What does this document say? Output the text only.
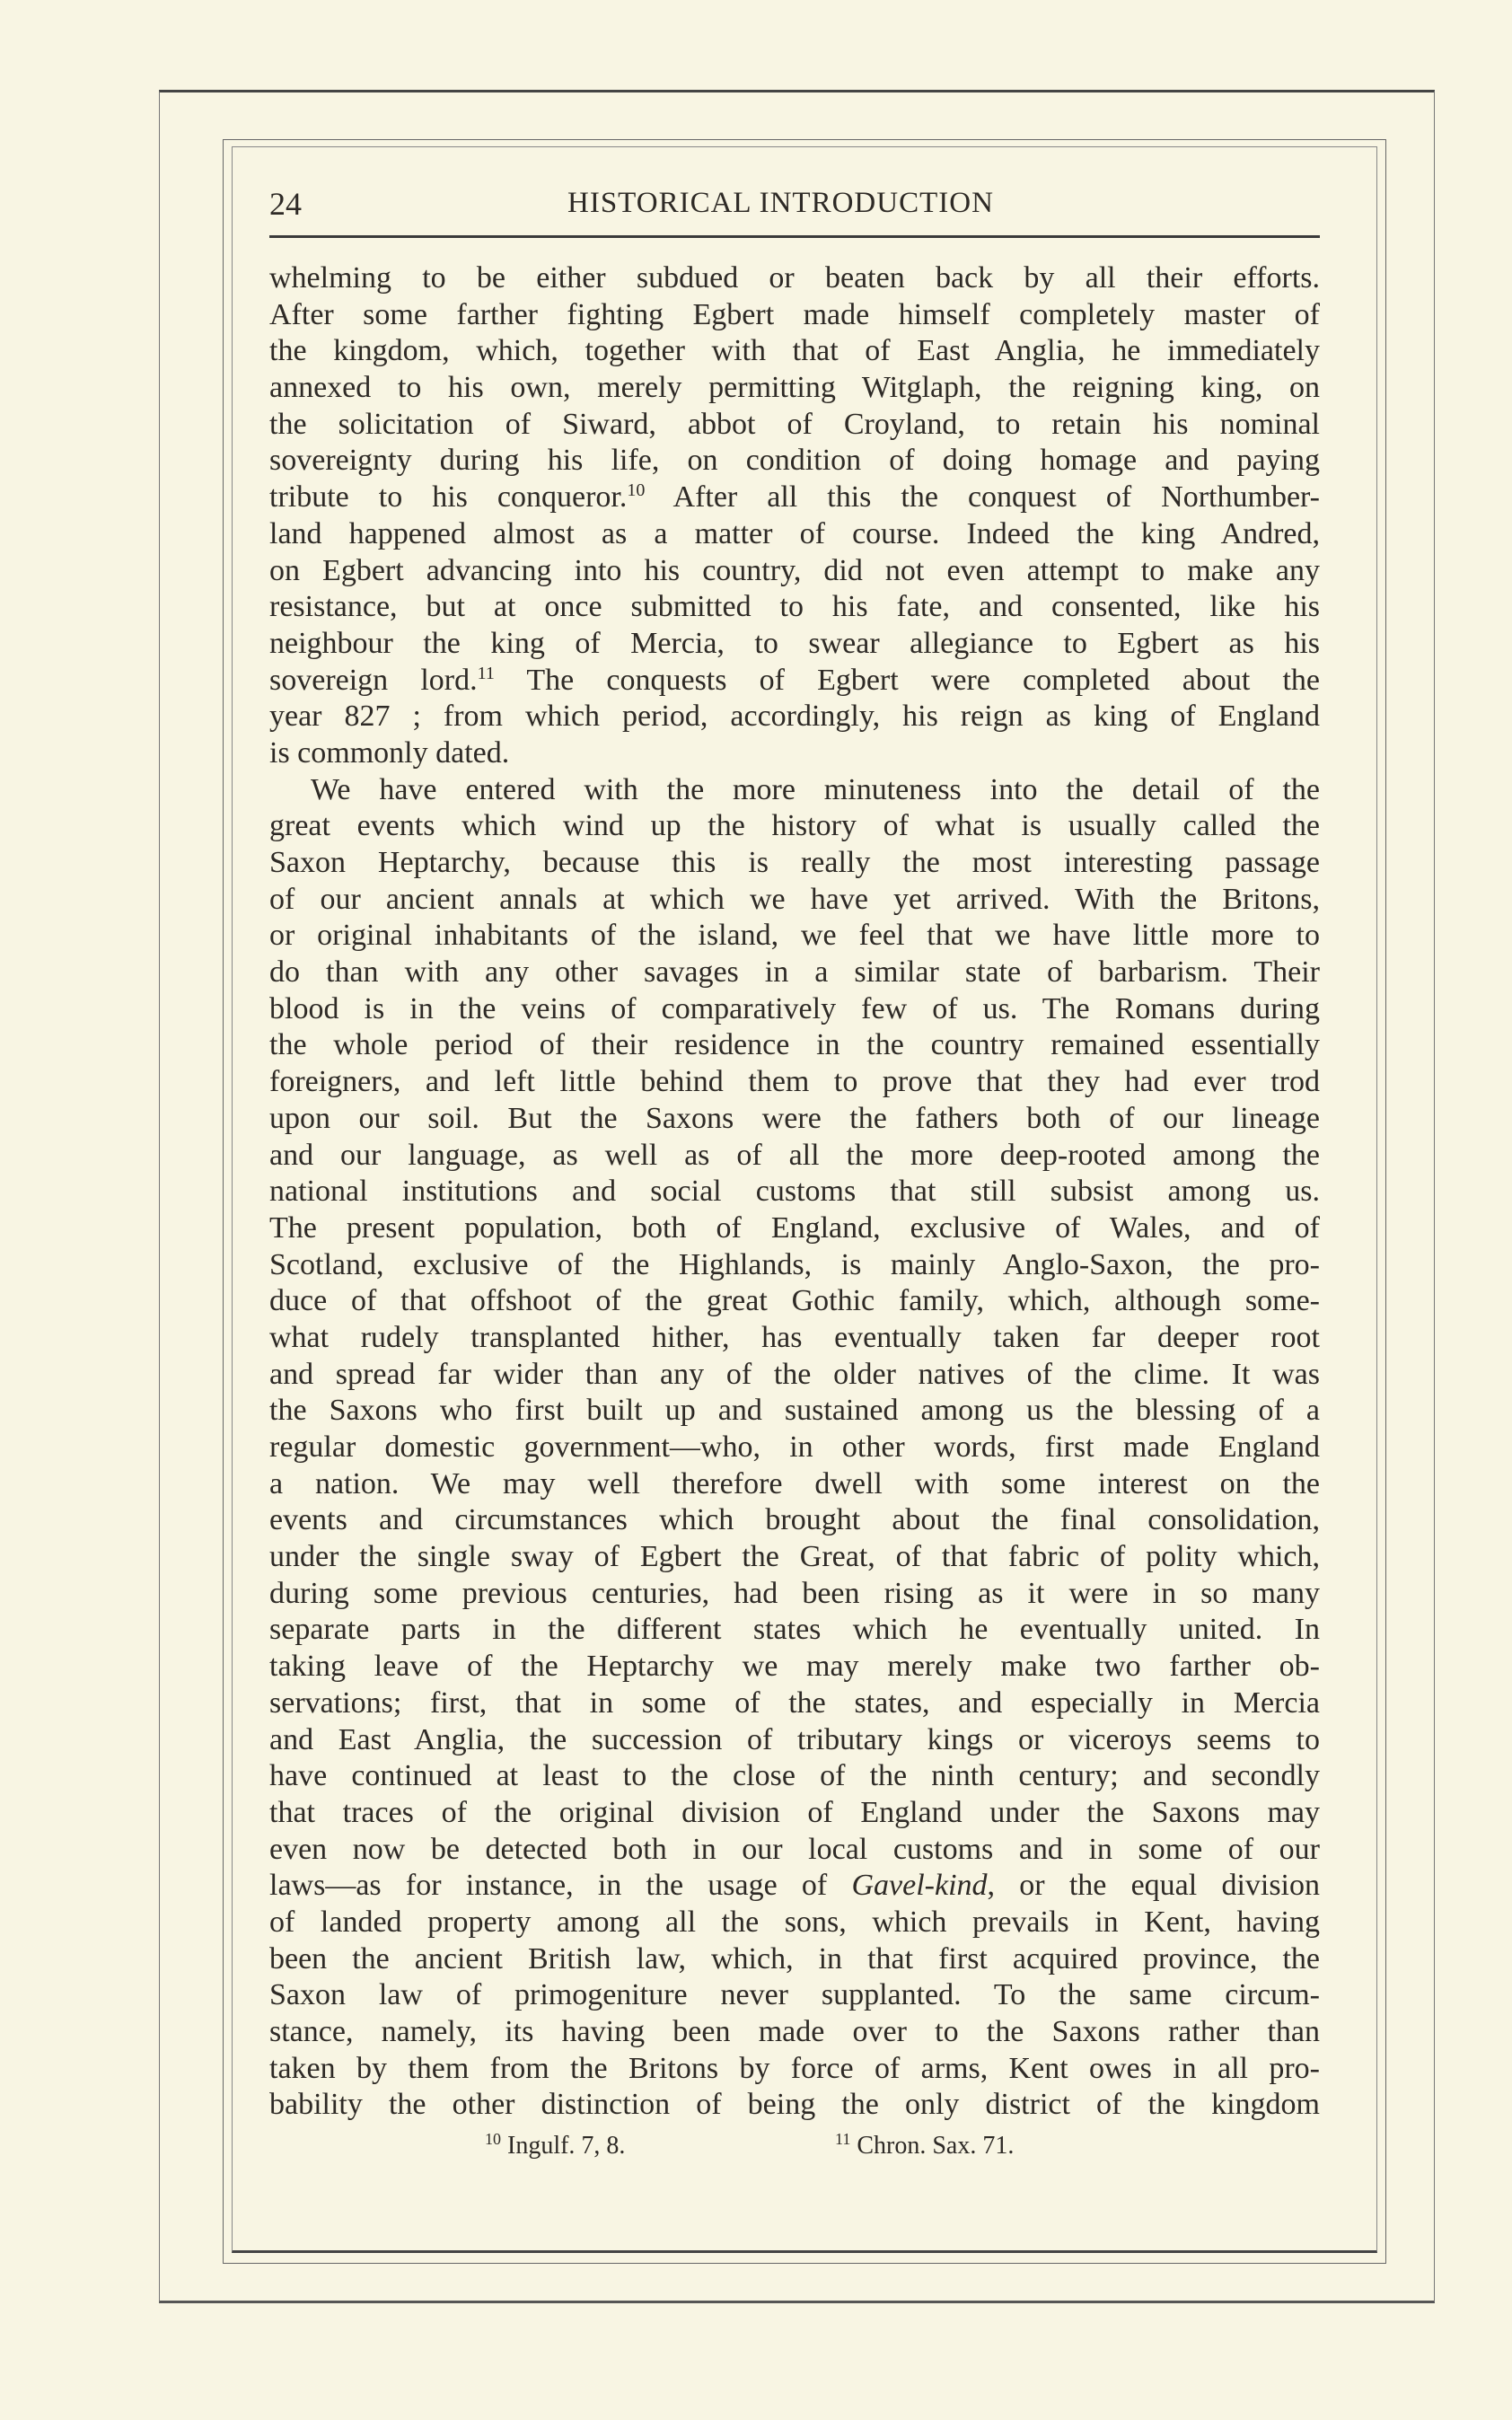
24	HISTORICAL INTRODUCTION
whelming to be either subdued or beaten back by all their efforts.
After some farther fighting Egbert made himself completely master of
the kingdom, which, together with that of East Anglia, he immediately
annexed to his own, merely permitting Witglaph, the reigning king, on
the solicitation of Siward, abbot of Croyland, to retain his nominal
sovereignty during his life, on condition of doing homage and paying
tribute to his conqueror.$^{10}$ After all this the conquest of Northumber-
land happened almost as a matter of course. Indeed the king Andred,
on Egbert advancing into his country, did not even attempt to make any
resistance, but at once submitted to his fate, and consented, like his
neighbour the king of Mercia, to swear allegiance to Egbert as his
sovereign lord.$^{11}$ The conquests of Egbert were completed about the
year 827 ; from which period, accordingly, his reign as king of England
is commonly dated.
We have entered with the more minuteness into the detail of the
great events which wind up the history of what is usually called the
Saxon Heptarchy, because this is really the most interesting passage
of our ancient annals at which we have yet arrived. With the Britons,
or original inhabitants of the island, we feel that we have little more to
do than with any other savages in a similar state of barbarism. Their
blood is in the veins of comparatively few of us. The Romans during
the whole period of their residence in the country remained essentially
foreigners, and left little behind them to prove that they had ever trod
upon our soil. But the Saxons were the fathers both of our lineage
and our language, as well as of all the more deep-rooted among the
national institutions and social customs that still subsist among us.
The present population, both of England, exclusive of Wales, and of
Scotland, exclusive of the Highlands, is mainly Anglo-Saxon, the pro-
duce of that offshoot of the great Gothic family, which, although some-
what rudely transplanted hither, has eventually taken far deeper root
and spread far wider than any of the older natives of the clime. It was
the Saxons who first built up and sustained among us the blessing of a
regular domestic government—who, in other words, first made England
a nation. We may well therefore dwell with some interest on the
events and circumstances which brought about the final consolidation,
under the single sway of Egbert the Great, of that fabric of polity which,
during some previous centuries, had been rising as it were in so many
separate parts in the different states which he eventually united. In
taking leave of the Heptarchy we may merely make two farther ob-
servations; first, that in some of the states, and especially in Mercia
and East Anglia, the succession of tributary kings or viceroys seems to
have continued at least to the close of the ninth century; and secondly
that traces of the original division of England under the Saxons may
even now be detected both in our local customs and in some of our
laws—as for instance, in the usage of Gavel-kind, or the equal division
of landed property among all the sons, which prevails in Kent, having
been the ancient British law, which, in that first acquired province, the
Saxon law of primogeniture never supplanted. To the same circum-
stance, namely, its having been made over to the Saxons rather than
taken by them from the Britons by force of arms, Kent owes in all pro-
bability the other distinction of being the only district of the kingdom
$^{10}$ Ingulf. 7, 8.	$^{11}$ Chron. Sax. 71.
